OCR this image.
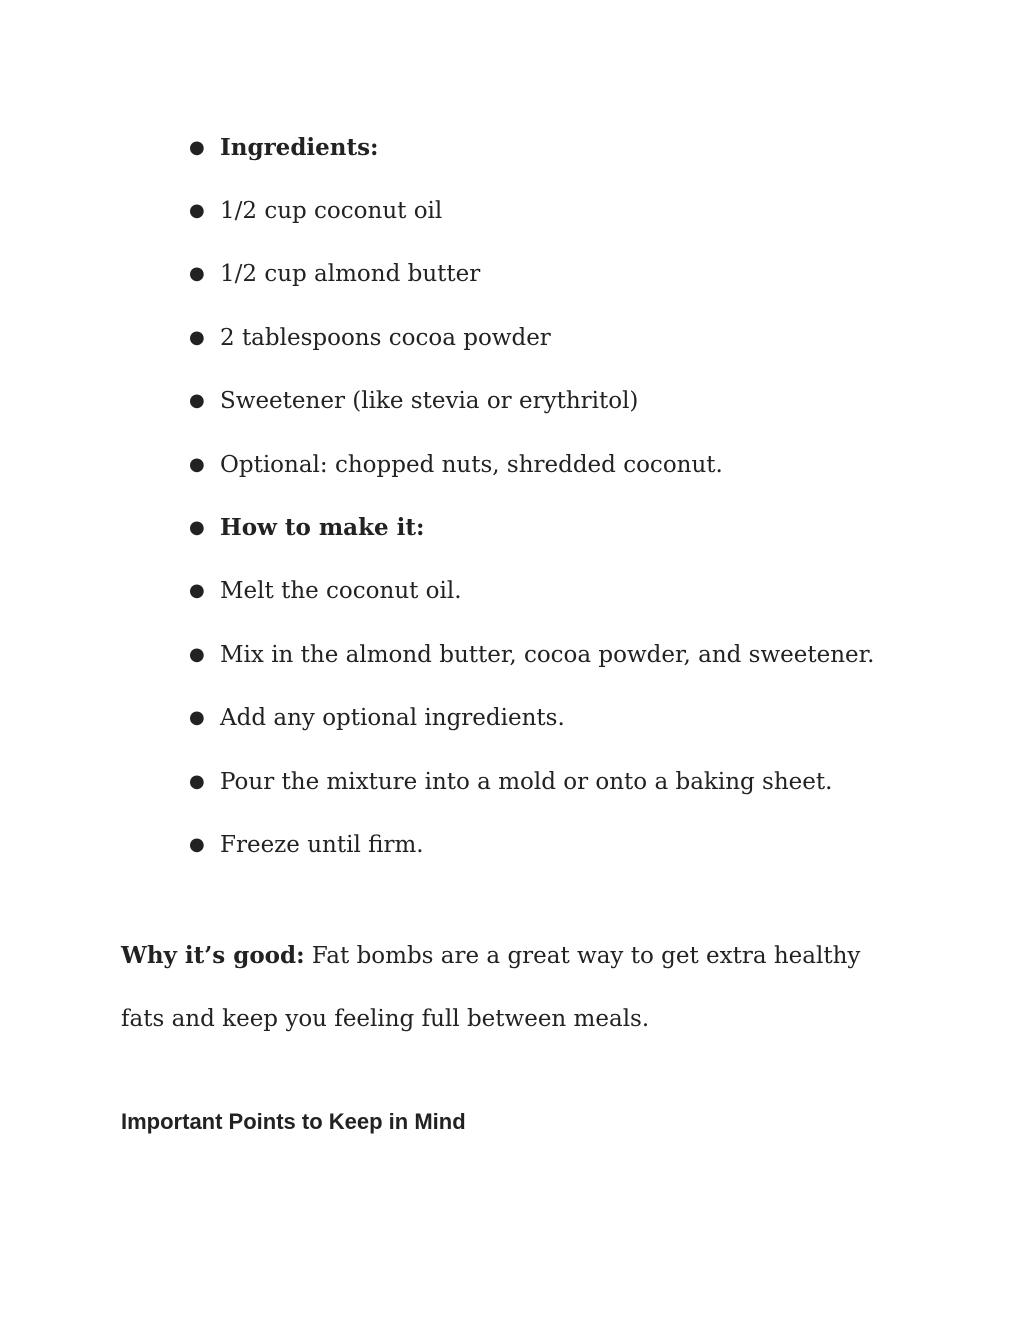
● Ingredients:
● 1/2 cup coconut oil
● 1/2 cup almond butter
● 2 tablespoons cocoa powder
● Sweetener (like stevia or erythritol)
● Optional: chopped nuts, shredded coconut.
● How to make it:
● Melt the coconut oil.
● Mix in the almond butter, cocoa powder, and sweetener.
● Add any optional ingredients.
● Pour the mixture into a mold or onto a baking sheet.
● Freeze until firm.

Why it’s good: Fat bombs are a great way to get extra healthy fats and keep you feeling full between meals.

Important Points to Keep in Mind
